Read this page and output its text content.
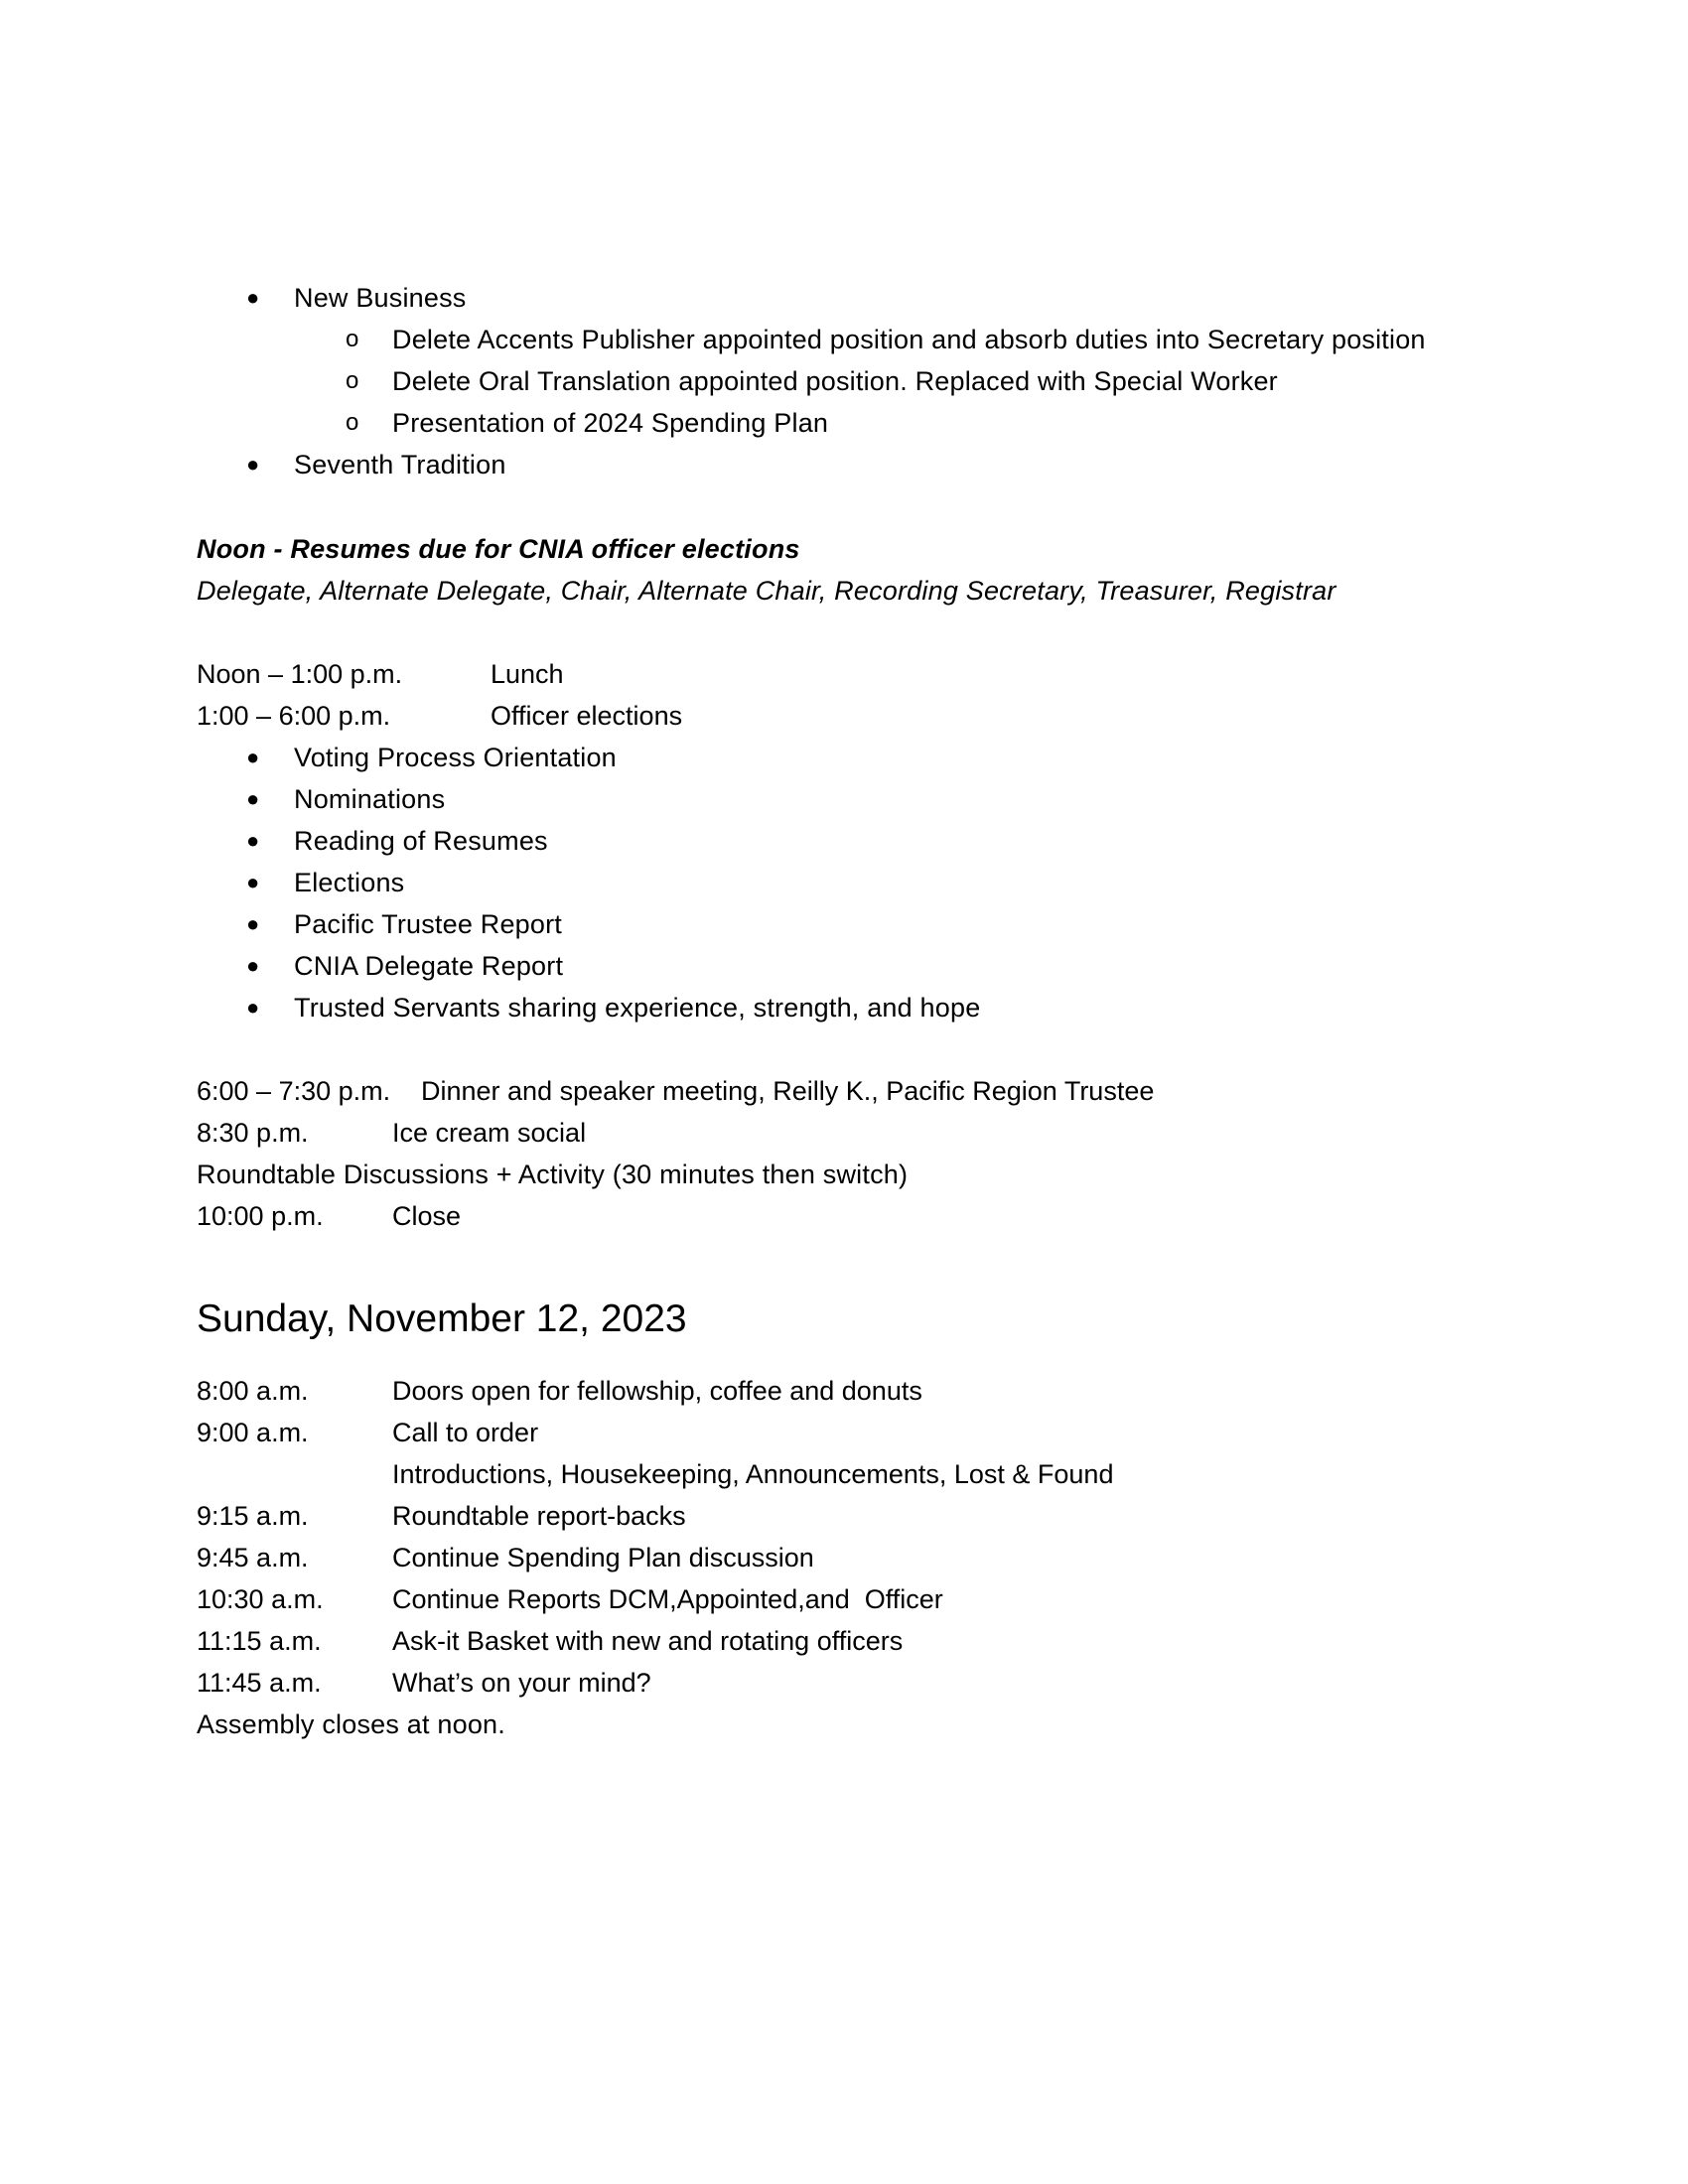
● New Business
o Delete Accents Publisher appointed position and absorb duties into Secretary position
o Delete Oral Translation appointed position. Replaced with Special Worker
o Presentation of 2024 Spending Plan
● Seventh Tradition
Noon - Resumes due for CNIA officer elections
Delegate, Alternate Delegate, Chair, Alternate Chair, Recording Secretary, Treasurer, Registrar
Noon – 1:00 p.m.	Lunch
1:00 – 6:00 p.m.	Officer elections
● Voting Process Orientation
● Nominations
● Reading of Resumes
● Elections
● Pacific Trustee Report
● CNIA Delegate Report
● Trusted Servants sharing experience, strength, and hope
6:00 – 7:30 p.m. Dinner and speaker meeting, Reilly K., Pacific Region Trustee
8:30 p.m.	Ice cream social
Roundtable Discussions + Activity (30 minutes then switch)
10:00 p.m.	Close
Sunday, November 12, 2023
8:00 a.m.	Doors open for fellowship, coffee and donuts
9:00 a.m.	Call to order
Introductions, Housekeeping, Announcements, Lost & Found
9:15 a.m.	Roundtable report-backs
9:45 a.m.	Continue Spending Plan discussion
10:30 a.m.	Continue Reports DCM,Appointed,and  Officer
11:15 a.m.	Ask-it Basket with new and rotating officers
11:45 a.m.	What’s on your mind?
Assembly closes at noon.
